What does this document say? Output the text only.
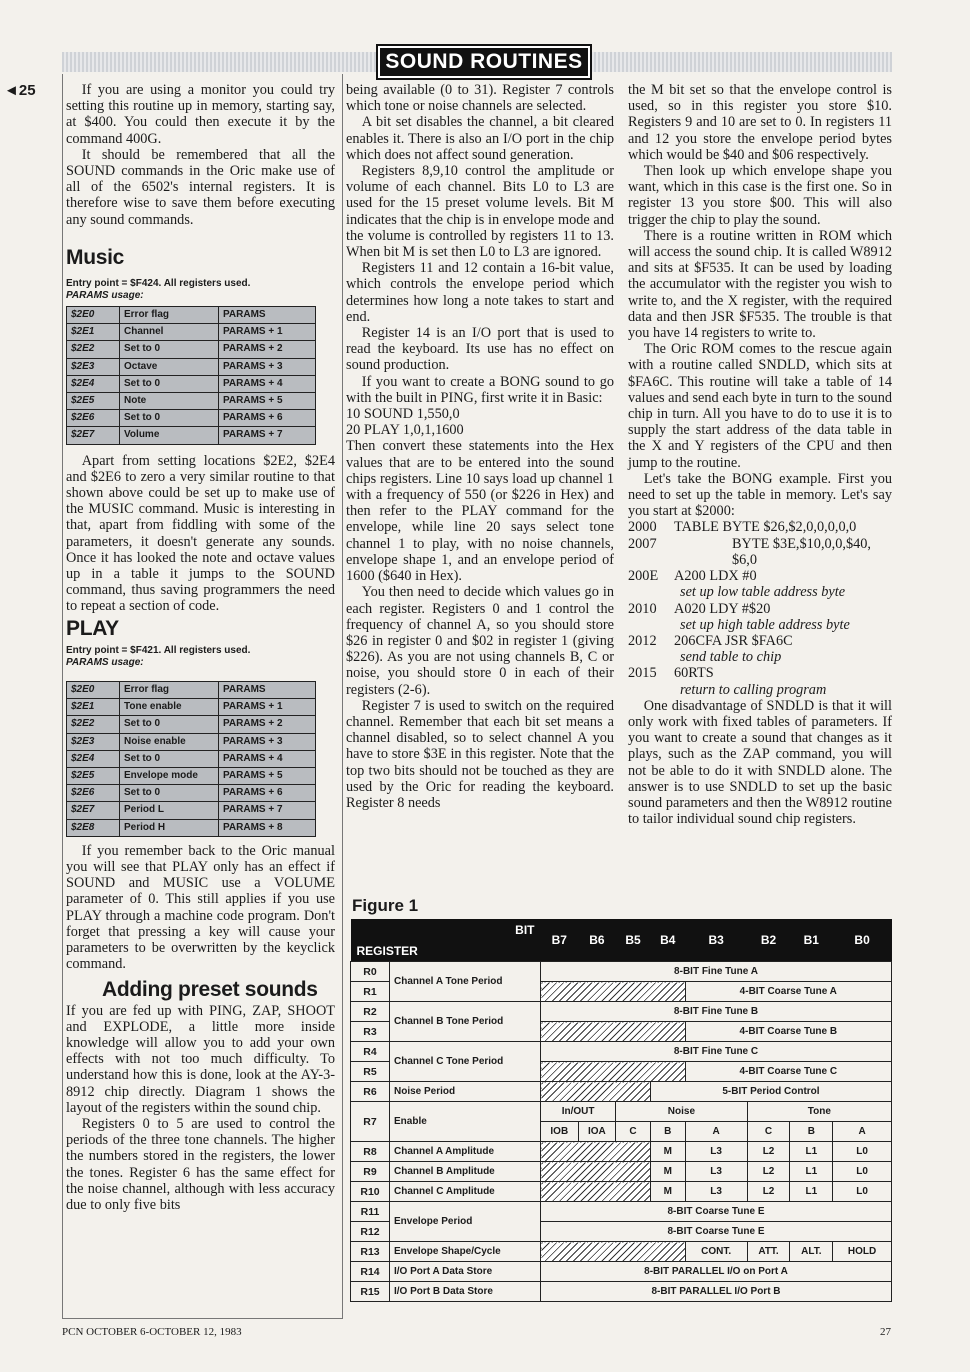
SOUND ROUTINES
◄25	If you are using a monitor you could try setting this routine up in memory, starting say, at $400. You could then execute it by the command 400G.

It should be remembered that all the SOUND commands in the Oric make use of all of the 6502's internal registers. It is therefore wise to save them before executing any sound commands.

Music
Entry point = $F424. All registers used.
PARAMS usage:
$2E0	Error flag	PARAMS
$2E1	Channel	PARAMS + 1
$2E2	Set to 0	PARAMS + 2
$2E3	Octave	PARAMS + 3
$2E4	Set to 0	PARAMS + 4
$2E5	Note	PARAMS + 5
$2E6	Set to 0	PARAMS + 6
$2E7	Volume	PARAMS + 7

Apart from setting locations $2E2, $2E4 and $2E6 to zero a very similar routine to that shown above could be set up to make use of the MUSIC command. Music is interesting in that, apart from fiddling with some of the parameters, it doesn't generate any sounds. Once it has looked the note and octave values up in a table it jumps to the SOUND command, thus saving programmers the need to repeat a section of code.

PLAY
Entry point = $F421. All registers used.
PARAMS usage:
$2E0	Error flag	PARAMS
$2E1	Tone enable	PARAMS + 1
$2E2	Set to 0	PARAMS + 2
$2E3	Noise enable	PARAMS + 3
$2E4	Set to 0	PARAMS + 4
$2E5	Envelope mode	PARAMS + 5
$2E6	Set to 0	PARAMS + 6
$2E7	Period L	PARAMS + 7
$2E8	Period H	PARAMS + 8

If you remember back to the Oric manual you will see that PLAY only has an effect if SOUND and MUSIC use a VOLUME parameter of 0. This still applies if you use PLAY through a machine code program. Don't forget that pressing a key will cause your parameters to be overwritten by the keyclick command.

Adding preset sounds

If you are fed up with PING, ZAP, SHOOT and EXPLODE, a little more inside knowledge will allow you to add your own effects with not too much difficulty. To understand how this is done, look at the AY-3-8912 chip directly. Diagram 1 shows the layout of the registers within the sound chip.

Registers 0 to 5 are used to control the periods of the three tone channels. The higher the numbers stored in the registers, the lower the tones. Register 6 has the same effect for the noise channel, although with less accuracy due to only five bits

being available (0 to 31). Register 7 controls which tone or noise channels are selected.

A bit set disables the channel, a bit cleared enables it. There is also an I/O port in the chip which does not affect sound generation.

Registers 8,9,10 control the amplitude or volume of each channel. Bits L0 to L3 are used for the 15 preset volume levels. Bit M indicates that the chip is in envelope mode and the volume is controlled by registers 11 to 13. When bit M is set then L0 to L3 are ignored.

Registers 11 and 12 contain a 16-bit value, which controls the envelope period which determines how long a note takes to start and end.

Register 14 is an I/O port that is used to read the keyboard. Its use has no effect on sound production.

If you want to create a BONG sound to go with the built in PING, first write it in Basic:

10 SOUND 1,550,0

20 PLAY 1,0,1,1600

Then convert these statements into the Hex values that are to be entered into the sound chips registers. Line 10 says load up channel 1 with a frequency of 550 (or $226 in Hex) and then refer to the PLAY command for the envelope, while line 20 says select tone channel 1 to play, with no noise channels, envelope shape 1, and an envelope period of 1600 ($640 in Hex).

You then need to decide which values go in each register. Registers 0 and 1 control the frequency of channel A, so you should store $26 in register 0 and $02 in register 1 (giving $226). As you are not using channels B, C or noise, you should store 0 in each of their registers (2-6).

Register 7 is used to switch on the required channel. Remember that each bit set means a channel disabled, so to select channel A you have to store $3E in this register. Note that the top two bits should not be touched as they are used by the Oric for reading the keyboard. Register 8 needs

the M bit set so that the envelope control is used, so in this register you store $10. Registers 9 and 10 are set to 0. In registers 11 and 12 you store the envelope period bytes which would be $40 and $06 respectively.

Then look up which envelope shape you want, which in this case is the first one. So in register 13 you store $00. This will also trigger the chip to play the sound.

There is a routine written in ROM which will access the sound chip. It is called W8912 and sits at $F535. It can be used by loading the accumulator with the register you wish to write to, and the X register, with the required data and then JSR $F535. The trouble is that you have 14 registers to write to.

The Oric ROM comes to the rescue again with a routine called SNDLD, which sits at $FA6C. This routine will take a table of 14 values and send each byte in turn to the sound chip in turn. All you have to do to use it is to supply the start address of the data table in the X and Y registers of the CPU and then jump to the routine.

Let's take the BONG example. First you need to set up the table in memory. Let's say you start at $2000:

2000	TABLE BYTE $26,$2,0,0,0,0,0
2007	BYTE $3E,$10,0,0,$40,
$6,0
200E	A200 LDX #0
set up low table address byte
2010	A020 LDY #$20
set up high table address byte
2012	206CFA JSR $FA6C
send table to chip
2015	60RTS
return to calling program

One disadvantage of SNDLD is that it will only work with fixed tables of parameters. If you want to create a sound that changes as it plays, such as the ZAP command, you will not be able to do it with SNDLD alone. The answer is to use SNDLD to set up the basic sound parameters and then the W8912 routine to tailor individual sound chip registers.

Figure 1
BIT
REGISTER		B7	B6	B5	B4	B3	B2	B1	B0
R0	Channel A Tone Period	8-BIT Fine Tune A							
R1						4-BIT Coarse Tune A			
R2	Channel B Tone Period	8-BIT Fine Tune B							
R3						4-BIT Coarse Tune B			
R4	Channel C Tone Period	8-BIT Fine Tune C							
R5						4-BIT Coarse Tune C			
R6	Noise Period				5-BIT Period Control				
R7	Enable	In/OUT		Noise			Tone		
		IOB	IOA	C	B	A	C	B	A
R8	Channel A Amplitude				M	L3	L2	L1	L0
R9	Channel B Amplitude				M	L3	L2	L1	L0
R10	Channel C Amplitude				M	L3	L2	L1	L0
R11	Envelope Period	8-BIT Coarse Tune E							
R12		8-BIT Coarse Tune E							
R13	Envelope Shape/Cycle					CONT.	ATT.	ALT.	HOLD
R14	I/O Port A Data Store	8-BIT PARALLEL I/O on Port A							
R15	I/O Port B Data Store	8-BIT PARALLEL I/O Port B							
PCN OCTOBER 6-OCTOBER 12, 1983	27
